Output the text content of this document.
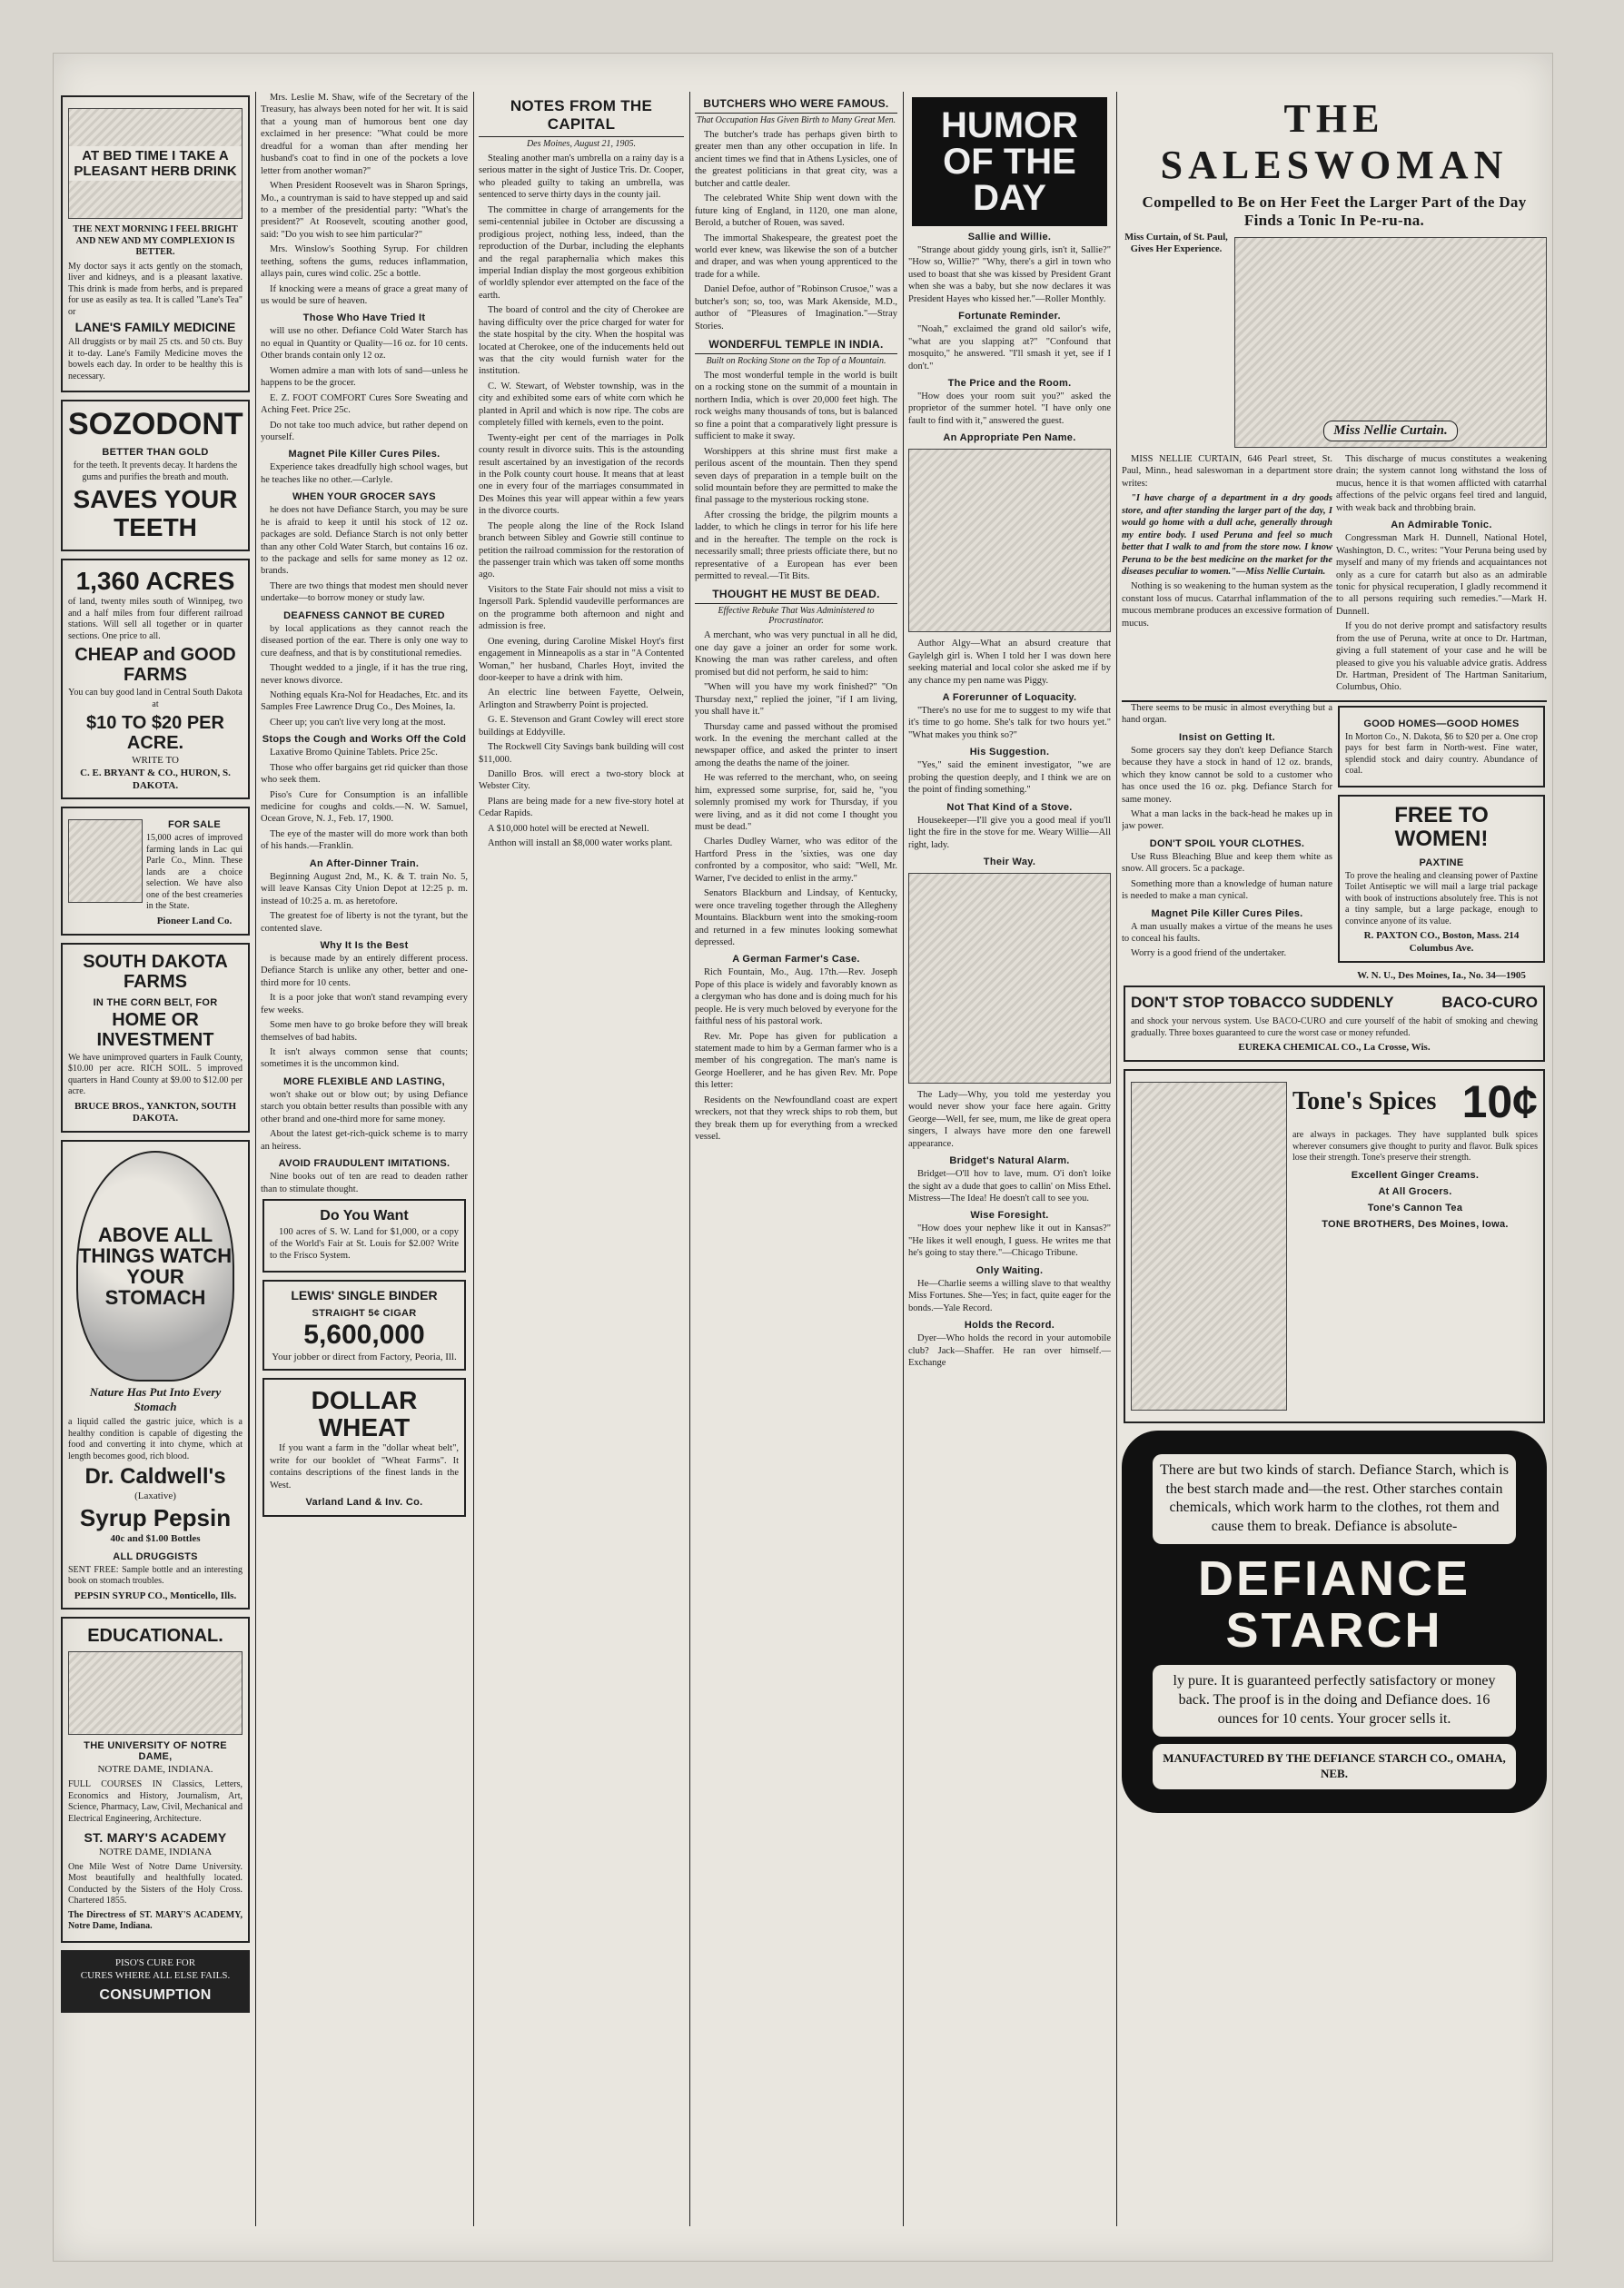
AT BED TIME I TAKE A PLEASANT HERB DRINK

THE NEXT MORNING I FEEL BRIGHT AND NEW AND MY COMPLEXION IS BETTER.

My doctor says it acts gently on the stomach, liver and kidneys, and is a pleasant laxative. This drink is made from herbs, and is prepared for use as easily as tea. It is called "Lane's Tea" or

LANE'S FAMILY MEDICINE

All druggists or by mail 25 cts. and 50 cts. Buy it to-day. Lane's Family Medicine moves the bowels each day. In order to be healthy this is necessary.

SOZODONT
BETTER THAN GOLD

for the teeth. It prevents decay. It hardens the gums and purifies the breath and mouth.

SAVES YOUR TEETH
1,360 ACRES

of land, twenty miles south of Winnipeg, two and a half miles from four different railroad stations. Will sell all together or in quarter sections. One price to all.

CHEAP and GOOD FARMS

You can buy good land in Central South Dakota at

$10 TO $20 PER ACRE.
WRITE TO
C. E. BRYANT & CO., HURON, S. DAKOTA.
FOR SALE

15,000 acres of improved farming lands in Lac qui Parle Co., Minn. These lands are a choice selection. We have also one of the best creameries in the State.

Pioneer Land Co.
SOUTH DAKOTA FARMS
IN THE CORN BELT, FOR
HOME OR INVESTMENT

We have unimproved quarters in Faulk County, $10.00 per acre. RICH SOIL. 5 improved quarters in Hand County at $9.00 to $12.00 per acre.

BRUCE BROS., YANKTON, SOUTH DAKOTA.
ABOVE ALL THINGS WATCH YOUR STOMACH
Nature Has Put Into Every Stomach

a liquid called the gastric juice, which is a healthy condition is capable of digesting the food and converting it into chyme, which at length becomes good, rich blood.

Dr. Caldwell's
(Laxative)
Syrup Pepsin
40c and $1.00 Bottles
ALL DRUGGISTS

SENT FREE: Sample bottle and an interesting book on stomach troubles.

PEPSIN SYRUP CO., Monticello, Ills.
EDUCATIONAL.
THE UNIVERSITY OF NOTRE DAME,
NOTRE DAME, INDIANA.

FULL COURSES IN Classics, Letters, Economics and History, Journalism, Art, Science, Pharmacy, Law, Civil, Mechanical and Electrical Engineering, Architecture.

ST. MARY'S ACADEMY
NOTRE DAME, INDIANA

One Mile West of Notre Dame University. Most beautifully and healthfully located. Conducted by the Sisters of the Holy Cross. Chartered 1855.

The Directress of ST. MARY'S ACADEMY, Notre Dame, Indiana.

PISO'S CURE FOR
CURES WHERE ALL ELSE FAILS.
CONSUMPTION

Mrs. Leslie M. Shaw, wife of the Secretary of the Treasury, has always been noted for her wit. It is said that a young man of humorous bent one day exclaimed in her presence: "What could be more dreadful for a woman than after mending her husband's coat to find in one of the pockets a love letter from another woman?"

When President Roosevelt was in Sharon Springs, Mo., a countryman is said to have stepped up and said to a member of the presidential party: "What's the president?" At Roosevelt, scouting another good, said: "Do you wish to see him particular?"

Mrs. Winslow's Soothing Syrup. For children teething, softens the gums, reduces inflammation, allays pain, cures wind colic. 25c a bottle.

If knocking were a means of grace a great many of us would be sure of heaven.

Those Who Have Tried It

will use no other. Defiance Cold Water Starch has no equal in Quantity or Quality—16 oz. for 10 cents. Other brands contain only 12 oz.

Women admire a man with lots of sand—unless he happens to be the grocer.

E. Z. FOOT COMFORT Cures Sore Sweating and Aching Feet. Price 25c.

Do not take too much advice, but rather depend on yourself.

Magnet Pile Killer Cures Piles.

Experience takes dreadfully high school wages, but he teaches like no other.—Carlyle.

WHEN YOUR GROCER SAYS

he does not have Defiance Starch, you may be sure he is afraid to keep it until his stock of 12 oz. packages are sold. Defiance Starch is not only better than any other Cold Water Starch, but contains 16 oz. to the package and sells for same money as 12 oz. brands.

There are two things that modest men should never undertake—to borrow money or study law.

DEAFNESS CANNOT BE CURED

by local applications as they cannot reach the diseased portion of the ear. There is only one way to cure deafness, and that is by constitutional remedies.

Thought wedded to a jingle, if it has the true ring, never knows divorce.

Nothing equals Kra-Nol for Headaches, Etc. and its Samples Free Lawrence Drug Co., Des Moines, Ia.

Cheer up; you can't live very long at the most.

Stops the Cough and Works Off the Cold

Laxative Bromo Quinine Tablets. Price 25c.

Those who offer bargains get rid quicker than those who seek them.

Piso's Cure for Consumption is an infallible medicine for coughs and colds.—N. W. Samuel, Ocean Grove, N. J., Feb. 17, 1900.

The eye of the master will do more work than both of his hands.—Franklin.

An After-Dinner Train.

Beginning August 2nd, M., K. & T. train No. 5, will leave Kansas City Union Depot at 12:25 p. m. instead of 10:25 a. m. as heretofore.

The greatest foe of liberty is not the tyrant, but the contented slave.

Why It Is the Best

is because made by an entirely different process. Defiance Starch is unlike any other, better and one-third more for 10 cents.

It is a poor joke that won't stand revamping every few weeks.

Some men have to go broke before they will break themselves of bad habits.

It isn't always common sense that counts; sometimes it is the uncommon kind.

MORE FLEXIBLE AND LASTING,

won't shake out or blow out; by using Defiance starch you obtain better results than possible with any other brand and one-third more for same money.

About the latest get-rich-quick scheme is to marry an heiress.

AVOID FRAUDULENT IMITATIONS.

Nine books out of ten are read to deaden rather than to stimulate thought.

Do You Want

100 acres of S. W. Land for $1,000, or a copy of the World's Fair at St. Louis for $2.00? Write to the Frisco System.

LEWIS' SINGLE BINDER
STRAIGHT 5¢ CIGAR
5,600,000
Your jobber or direct from Factory, Peoria, Ill.
DOLLAR WHEAT

If you want a farm in the "dollar wheat belt", write for our booklet of "Wheat Farms". It contains descriptions of the finest lands in the West.

Varland Land & Inv. Co.
NOTES FROM THE CAPITAL
Des Moines, August 21, 1905.

Stealing another man's umbrella on a rainy day is a serious matter in the sight of Justice Tris. Dr. Cooper, who pleaded guilty to taking an umbrella, was sentenced to serve thirty days in the county jail.

The committee in charge of arrangements for the semi-centennial jubilee in October are discussing a prodigious project, nothing less, indeed, than the reproduction of the Durbar, including the elephants and the regal paraphernalia which makes this imperial Indian display the most gorgeous exhibition of worldly splendor ever attempted on the face of the earth.

The board of control and the city of Cherokee are having difficulty over the price charged for water for the state hospital by the city. When the hospital was located at Cherokee, one of the inducements held out was that the city would furnish water for the institution.

C. W. Stewart, of Webster township, was in the city and exhibited some ears of white corn which he planted in April and which is now ripe. The cobs are completely filled with kernels, even to the point.

Twenty-eight per cent of the marriages in Polk county result in divorce suits. This is the astounding result ascertained by an investigation of the records in the Polk county court house. It means that at least one in every four of the marriages consummated in Des Moines this year will appear within a few years in the divorce courts.

The people along the line of the Rock Island branch between Sibley and Gowrie still continue to petition the railroad commission for the restoration of the passenger train which was taken off some months ago.

Visitors to the State Fair should not miss a visit to Ingersoll Park. Splendid vaudeville performances are on the programme both afternoon and night and admission is free.

One evening, during Caroline Miskel Hoyt's first engagement in Minneapolis as a star in "A Contented Woman," her husband, Charles Hoyt, invited the door-keeper to have a drink with him.

An electric line between Fayette, Oelwein, Arlington and Strawberry Point is projected.

G. E. Stevenson and Grant Cowley will erect store buildings at Eddyville.

The Rockwell City Savings bank building will cost $11,000.

Danillo Bros. will erect a two-story block at Webster City.

Plans are being made for a new five-story hotel at Cedar Rapids.

A $10,000 hotel will be erected at Newell.

Anthon will install an $8,000 water works plant.

BUTCHERS WHO WERE FAMOUS.
That Occupation Has Given Birth to Many Great Men.

The butcher's trade has perhaps given birth to greater men than any other occupation in life. In ancient times we find that in Athens Lysicles, one of the greatest politicians in that great city, was a butcher and cattle dealer.

The celebrated White Ship went down with the future king of England, in 1120, one man alone, Berold, a butcher of Rouen, was saved.

The immortal Shakespeare, the greatest poet the world ever knew, was likewise the son of a butcher and draper, and was when young apprenticed to the trade for a while.

Daniel Defoe, author of "Robinson Crusoe," was a butcher's son; so, too, was Mark Akenside, M.D., author of "Pleasures of Imagination."—Stray Stories.

WONDERFUL TEMPLE IN INDIA.
Built on Rocking Stone on the Top of a Mountain.

The most wonderful temple in the world is built on a rocking stone on the summit of a mountain in northern India, which is over 20,000 feet high. The rock weighs many thousands of tons, but is balanced so fine a point that a comparatively light pressure is sufficient to make it sway.

Worshippers at this shrine must first make a perilous ascent of the mountain. Then they spend seven days of preparation in a temple built on the solid mountain before they are permitted to make the final passage to the mysterious rocking stone.

After crossing the bridge, the pilgrim mounts a ladder, to which he clings in terror for his life here and in the hereafter. The temple on the rock is necessarily small; three priests officiate there, but no representative of a European has ever been permitted to reveal.—Tit Bits.

THOUGHT HE MUST BE DEAD.
Effective Rebuke That Was Administered to Procrastinator.

A merchant, who was very punctual in all he did, one day gave a joiner an order for some work. Knowing the man was rather careless, and often promised but did not perform, he said to him:

"When will you have my work finished?" "On Thursday next," replied the joiner, "if I am living, you shall have it."

Thursday came and passed without the promised work. In the evening the merchant called at the newspaper office, and asked the printer to insert among the deaths the name of the joiner.

He was referred to the merchant, who, on seeing him, expressed some surprise, for, said he, "you solemnly promised my work for Thursday, if you were living, and as it did not come I thought you must be dead."

Charles Dudley Warner, who was editor of the Hartford Press in the 'sixties, was one day confronted by a compositor, who said: "Well, Mr. Warner, I've decided to enlist in the army."

Senators Blackburn and Lindsay, of Kentucky, were once traveling together through the Allegheny Mountains. Blackburn went into the smoking-room and returned in a few minutes looking somewhat depressed.

A German Farmer's Case.

Rich Fountain, Mo., Aug. 17th.—Rev. Joseph Pope of this place is widely and favorably known as a clergyman who has done and is doing much for his people. He is very much beloved by everyone for the faithful ness of his pastoral work.

Rev. Mr. Pope has given for publication a statement made to him by a German farmer who is a member of his congregation. The man's name is George Hoellerer, and he has given Rev. Mr. Pope this letter:

Residents on the Newfoundland coast are expert wreckers, not that they wreck ships to rob them, but they break them up for everything from a wrecked vessel.

HUMOR OF THE DAY
Sallie and Willie.

"Strange about giddy young girls, isn't it, Sallie?" "How so, Willie?" "Why, there's a girl in town who used to boast that she was kissed by President Grant when she was a baby, but she now declares it was President Hayes who kissed her."—Roller Monthly.

Fortunate Reminder.

"Noah," exclaimed the grand old sailor's wife, "what are you slapping at?" "Confound that mosquito," he answered. "I'll smash it yet, see if I don't."

The Price and the Room.

"How does your room suit you?" asked the proprietor of the summer hotel. "I have only one fault to find with it," answered the guest.

An Appropriate Pen Name.

Author Algy—What an absurd creature that Gaylelgh girl is. When I told her I was down here seeking material and local color she asked me if by any chance my pen name was Piggy.

A Forerunner of Loquacity.

"There's no use for me to suggest to my wife that it's time to go home. She's talk for two hours yet." "What makes you think so?"

His Suggestion.

"Yes," said the eminent investigator, "we are probing the question deeply, and I think we are on the point of finding something."

Not That Kind of a Stove.

Housekeeper—I'll give you a good meal if you'll light the fire in the stove for me. Weary Willie—All right, lady.

Their Way.

The Lady—Why, you told me yesterday you would never show your face here again. Gritty George—Well, fer see, mum, me like de great opera singers, I always have more den one farewell appearance.

Bridget's Natural Alarm.

Bridget—O'll hov to lave, mum. O'i don't loike the sight av a dude that goes to callin' on Miss Ethel. Mistress—The Idea! He doesn't call to see you.

Wise Foresight.

"How does your nephew like it out in Kansas?" "He likes it well enough, I guess. He writes me that he's going to stay there."—Chicago Tribune.

Only Waiting.

He—Charlie seems a willing slave to that wealthy Miss Fortunes. She—Yes; in fact, quite eager for the bonds.—Yale Record.

Holds the Record.

Dyer—Who holds the record in your automobile club? Jack—Shaffer. He ran over himself.—Exchange

THE SALESWOMAN
Compelled to Be on Her Feet the Larger Part of the Day Finds a Tonic In Pe-ru-na.

Miss Curtain, of St. Paul, Gives Her Experience.

Miss Nellie Curtain.

MISS NELLIE CURTAIN, 646 Pearl street, St. Paul, Minn., head saleswoman in a department store writes:

"I have charge of a department in a dry goods store, and after standing the larger part of the day, I would go home with a dull ache, generally through my entire body. I used Peruna and feel so much better that I walk to and from the store now. I know Peruna to be the best medicine on the market for the diseases peculiar to women."—Miss Nellie Curtain.

Nothing is so weakening to the human system as the constant loss of mucus. Catarrhal inflammation of the mucous membrane produces an excessive formation of mucus.

This discharge of mucus constitutes a weakening drain; the system cannot long withstand the loss of mucus, hence it is that women afflicted with catarrhal affections of the pelvic organs feel tired and languid, with weak back and throbbing brain.

An Admirable Tonic.

Congressman Mark H. Dunnell, National Hotel, Washington, D. C., writes: "Your Peruna being used by myself and many of my friends and acquaintances not only as a cure for catarrh but also as an admirable tonic for physical recuperation, I gladly recommend it to all persons requiring such remedies."—Mark H. Dunnell.

If you do not derive prompt and satisfactory results from the use of Peruna, write at once to Dr. Hartman, giving a full statement of your case and he will be pleased to give you his valuable advice gratis. Address Dr. Hartman, President of The Hartman Sanitarium, Columbus, Ohio.

There seems to be music in almost everything but a hand organ.

Insist on Getting It.

Some grocers say they don't keep Defiance Starch because they have a stock in hand of 12 oz. brands, which they know cannot be sold to a customer who has once used the 16 oz. pkg. Defiance Starch for same money.

What a man lacks in the back-head he makes up in jaw power.

DON'T SPOIL YOUR CLOTHES.

Use Russ Bleaching Blue and keep them white as snow. All grocers. 5c a package.

Something more than a knowledge of human nature is needed to make a man cynical.

Magnet Pile Killer Cures Piles.

A man usually makes a virtue of the means he uses to conceal his faults.

Worry is a good friend of the undertaker.

GOOD HOMES—GOOD HOMES

In Morton Co., N. Dakota, $6 to $20 per a. One crop pays for best farm in North-west. Fine water, splendid stock and dairy country. Abundance of coal.

FREE TO WOMEN!
PAXTINE

To prove the healing and cleansing power of Paxtine Toilet Antiseptic we will mail a large trial package with book of instructions absolutely free. This is not a tiny sample, but a large package, enough to convince anyone of its value.

R. PAXTON CO., Boston, Mass. 214 Columbus Ave.
W. N. U., Des Moines, Ia., No. 34—1905
DON'T STOP TOBACCO SUDDENLY	BACO-CURO

and shock your nervous system. Use BACO-CURO and cure yourself of the habit of smoking and chewing gradually. Three boxes guaranteed to cure the worst case or money refunded.

EUREKA CHEMICAL CO., La Crosse, Wis.
Tone's Spices 10¢

are always in packages. They have supplanted bulk spices wherever consumers give thought to purity and flavor. Bulk spices lose their strength. Tone's preserve their strength.

Excellent Ginger Creams.
At All Grocers.
Tone's Cannon Tea
TONE BROTHERS, Des Moines, Iowa.

There are but two kinds of starch. Defiance Starch, which is the best starch made and—the rest. Other starches contain chemicals, which work harm to the clothes, rot them and cause them to break. Defiance is absolute-

DEFIANCE STARCH

ly pure. It is guaranteed perfectly satisfactory or money back. The proof is in the doing and Defiance does. 16 ounces for 10 cents. Your grocer sells it.

MANUFACTURED BY THE DEFIANCE STARCH CO., OMAHA, NEB.
